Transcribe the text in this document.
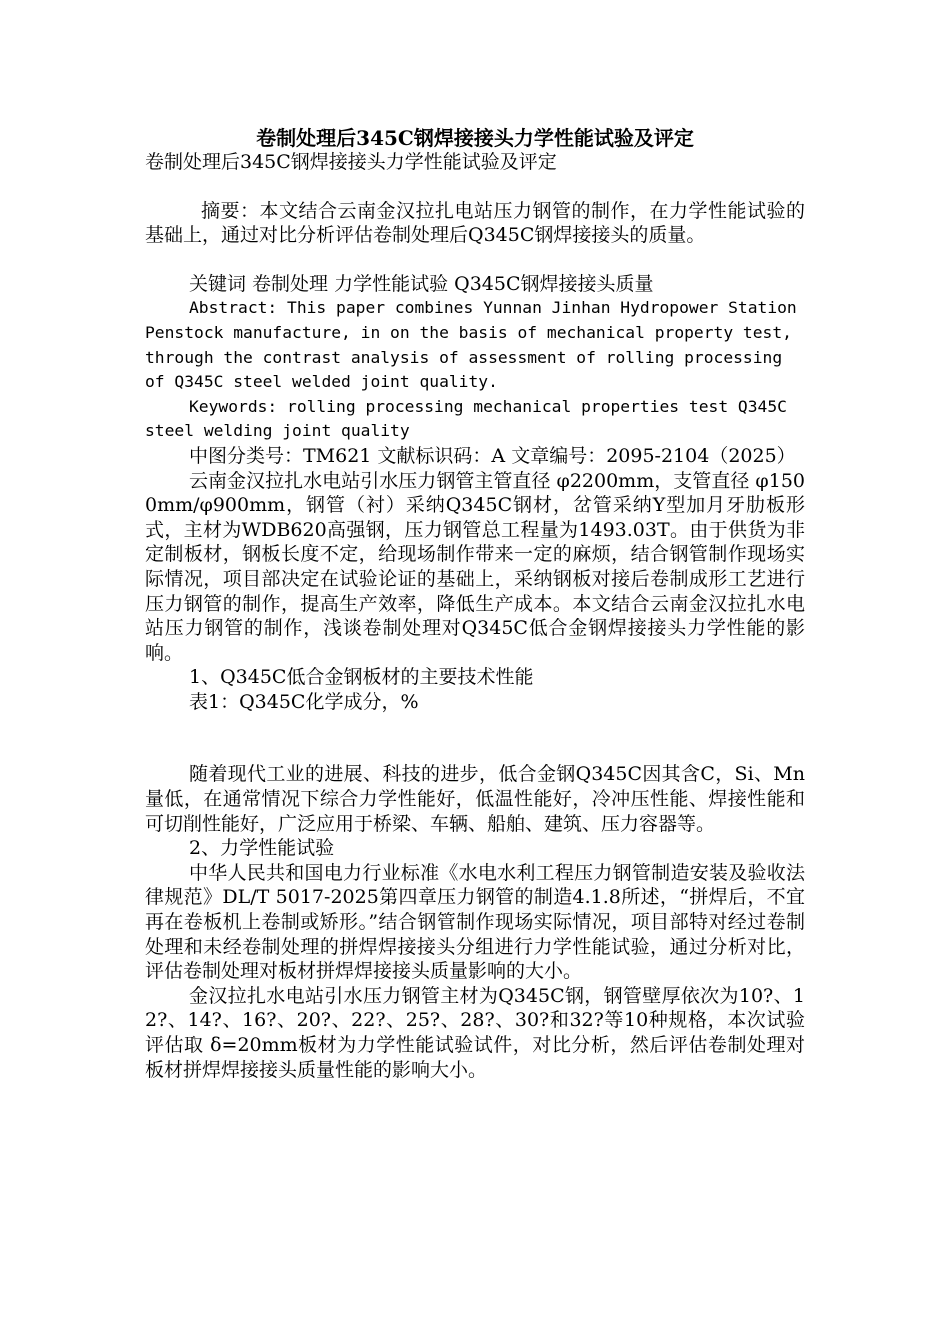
卷制处理后345C钢焊接接头力学性能试验及评定

卷制处理后345C钢焊接接头力学性能试验及评定

摘要：本文结合云南金汉拉扎电站压力钢管的制作，在力学性能试验的基础上，通过对比分析评估卷制处理后Q345C钢焊接接头的质量。

关键词 卷制处理 力学性能试验 Q345C钢焊接接头质量

Abstract: This paper combines Yunnan Jinhan Hydropower Station Penstock manufacture, in on the basis of mechanical property test, through the contrast analysis of assessment of rolling processing of Q345C steel welded joint quality.

Keywords: rolling processing mechanical properties test Q345C steel welding joint quality

中图分类号：TM621 文献标识码：A 文章编号：2095-2104（2025）

云南金汉拉扎水电站引水压力钢管主管直径 φ2200mm，支管直径 φ1500mm/φ900mm，钢管（衬）采纳Q345C钢材，岔管采纳Y型加月牙肋板形式，主材为WDB620高强钢，压力钢管总工程量为1493.03T。由于供货为非定制板材，钢板长度不定，给现场制作带来一定的麻烦，结合钢管制作现场实际情况，项目部决定在试验论证的基础上，采纳钢板对接后卷制成形工艺进行压力钢管的制作，提高生产效率，降低生产成本。本文结合云南金汉拉扎水电站压力钢管的制作，浅谈卷制处理对Q345C低合金钢焊接接头力学性能的影响。

1、Q345C低合金钢板材的主要技术性能

表1：Q345C化学成分，%

随着现代工业的进展、科技的进步，低合金钢Q345C因其含C，Si、Mn量低，在通常情况下综合力学性能好，低温性能好，冷冲压性能、焊接性能和可切削性能好，广泛应用于桥梁、车辆、船舶、建筑、压力容器等。

2、力学性能试验

中华人民共和国电力行业标准《水电水利工程压力钢管制造安装及验收法律规范》DL/T 5017-2025第四章压力钢管的制造4.1.8所述，“拼焊后，不宜再在卷板机上卷制或矫形。”结合钢管制作现场实际情况，项目部特对经过卷制处理和未经卷制处理的拼焊焊接接头分组进行力学性能试验，通过分析对比，评估卷制处理对板材拼焊焊接接头质量影响的大小。

金汉拉扎水电站引水压力钢管主材为Q345C钢，钢管壁厚依次为10?、12?、14?、16?、20?、22?、25?、28?、30?和32?等10种规格，本次试验评估取 δ=20mm板材为力学性能试验试件，对比分析，然后评估卷制处理对板材拼焊焊接接头质量性能的影响大小。
